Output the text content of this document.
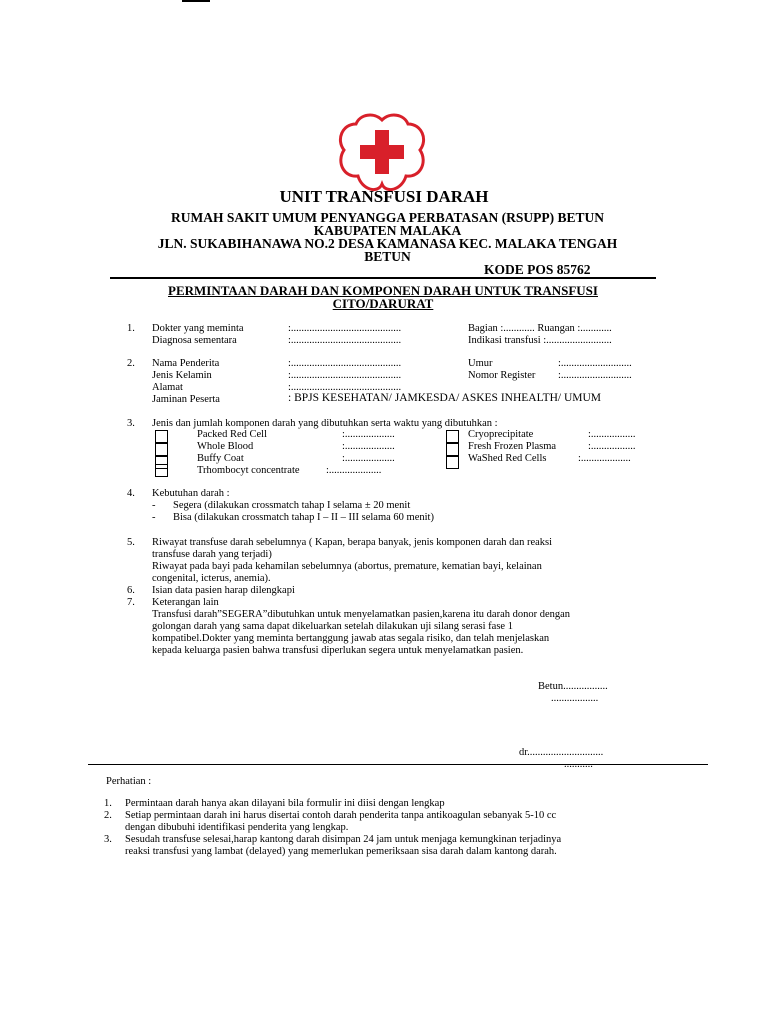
UNIT TRANSFUSI DARAH
RUMAH SAKIT UMUM PENYANGGA PERBATASAN (RSUPP) BETUN
KABUPATEN MALAKA
JLN. SUKABIHANAWA NO.2 DESA KAMANASA KEC. MALAKA TENGAH
BETUN
KODE POS 85762
PERMINTAAN DARAH DAN KOMPONEN DARAH UNTUK TRANSFUSI
CITO/DARURAT
1. Dokter yang meminta
Diagnosa sementara
:..........................................
:..........................................
Bagian :............ Ruangan :............
Indikasi transfusi :.........................
2. Nama Penderita
Jenis Kelamin
Alamat
Jaminan Peserta
:..........................................
:..........................................
:..........................................
: BPJS KESEHATAN/ JAMKESDA/ ASKES INHEALTH/ UMUM
Umur
Nomor Register
:...........................
:...........................
3. Jenis dan jumlah komponen darah yang dibutuhkan serta waktu yang dibutuhkan :
Packed Red Cell
Whole Blood
Buffy Coat
Trhombocyt concentrate
:...................
:...................
:...................
:....................
Cryoprecipitate
Fresh Frozen Plasma
WaShed Red Cells
:.................
:.................
:...................
4. Kebutuhan darah :
- Segera (dilakukan crossmatch tahap I selama ± 20 menit
- Bisa (dilakukan crossmatch tahap I – II – III selama 60 menit)
5. Riwayat transfuse darah sebelumnya ( Kapan, berapa banyak, jenis komponen darah dan reaksi
transfuse darah yang terjadi)
Riwayat pada bayi pada kehamilan sebelumnya (abortus, premature, kematian bayi, kelainan
congenital, icterus, anemia).
6. Isian data pasien harap dilengkapi
7. Keterangan lain
Transfusi darah”SEGERA”dibutuhkan untuk menyelamatkan pasien,karena itu darah donor dengan
golongan darah yang sama dapat dikeluarkan setelah dilakukan uji silang serasi fase 1
kompatibel.Dokter yang meminta bertanggung jawab atas segala risiko, dan telah menjelaskan
kepada keluarga pasien bahwa transfusi diperlukan segera untuk menyelamatkan pasien.
Betun.................
..................
dr.............................
Perhatian :
1. Permintaan darah hanya akan dilayani bila formulir ini diisi dengan lengkap
2. Setiap permintaan darah ini harus disertai contoh darah penderita tanpa antikoagulan sebanyak 5-10 cc
dengan dibubuhi identifikasi penderita yang lengkap.
3. Sesudah transfuse selesai,harap kantong darah disimpan 24 jam untuk menjaga kemungkinan terjadinya
reaksi transfusi yang lambat (delayed) yang memerlukan pemeriksaan sisa darah dalam kantong darah.
